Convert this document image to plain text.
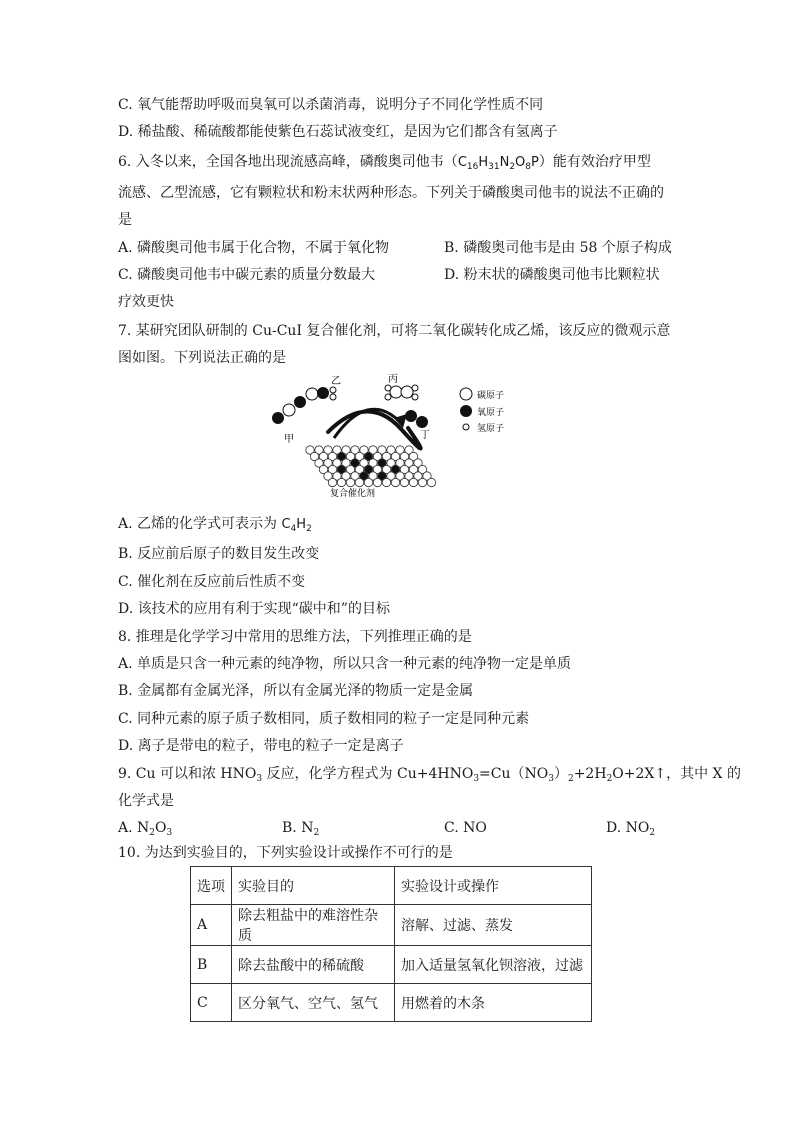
C. 氧气能帮助呼吸而臭氧可以杀菌消毒，说明分子不同化学性质不同
D. 稀盐酸、稀硫酸都能使紫色石蕊试液变红，是因为它们都含有氢离子
6. 入冬以来，全国各地出现流感高峰，磷酸奥司他韦$(C_{16}H_{31}N_2O_8P)$能有效治疗甲型
流感、乙型流感，它有颗粒状和粉末状两种形态。下列关于磷酸奥司他韦的说法不正确的
是
A. 磷酸奥司他韦属于化合物，不属于氧化物	B. 磷酸奥司他韦是由 58 个原子构成
C. 磷酸奥司他韦中碳元素的质量分数最大	D. 粉末状的磷酸奥司他韦比颗粒状
疗效更快
7. 某研究团队研制的 Cu-CuI 复合催化剂，可将二氧化碳转化成乙烯，该反应的微观示意
图如图。下列说法正确的是
甲
乙	丙
丁
碳原子
氧原子
氢原子
复合催化剂
A. 乙烯的化学式可表示为 $C_4H_2$
B. 反应前后原子的数目发生改变
C. 催化剂在反应前后性质不变
D. 该技术的应用有利于实现“碳中和”的目标
8. 推理是化学学习中常用的思维方法，下列推理正确的是
A. 单质是只含一种元素的纯净物，所以只含一种元素的纯净物一定是单质
B. 金属都有金属光泽，所以有金属光泽的物质一定是金属
C. 同种元素的原子质子数相同，质子数相同的粒子一定是同种元素
D. 离子是带电的粒子，带电的粒子一定是离子
9. Cu 可以和浓 $HNO_3$ 反应，化学方程式为 $Cu+4HNO_3=Cu(NO_3)_2+2H_2O+2X↑$，其中 X 的
化学式是
A. $N_2O_3$	B. $N_2$	C. NO	D. $NO_2$
10. 为达到实验目的，下列实验设计或操作不可行的是
选项	实验目的	实验设计或操作
A	除去粗盐中的难溶性杂质	溶解、过滤、蒸发
B	除去盐酸中的稀硫酸	加入适量氢氧化钡溶液，过滤
C	区分氧气、空气、氢气	用燃着的木条
